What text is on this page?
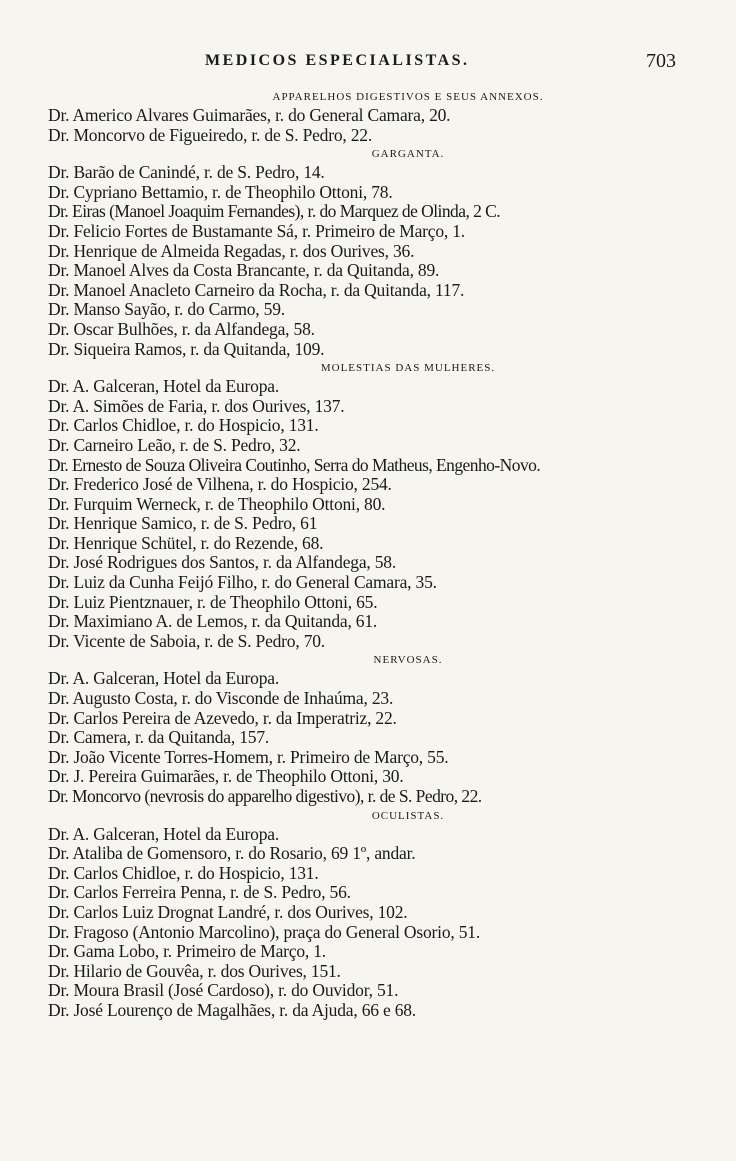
MEDICOS ESPECIALISTAS.	703
APPARELHOS DIGESTIVOS E SEUS ANNEXOS.
Dr. Americo Alvares Guimarães, r. do General Camara, 20.
Dr. Moncorvo de Figueiredo, r. de S. Pedro, 22.
GARGANTA.
Dr. Barão de Canindé, r. de S. Pedro, 14.
Dr. Cypriano Bettamio, r. de Theophilo Ottoni, 78.
Dr. Eiras (Manoel Joaquim Fernandes), r. do Marquez de Olinda, 2 C.
Dr. Felicio Fortes de Bustamante Sá, r. Primeiro de Março, 1.
Dr. Henrique de Almeida Regadas, r. dos Ourives, 36.
Dr. Manoel Alves da Costa Brancante, r. da Quitanda, 89.
Dr. Manoel Anacleto Carneiro da Rocha, r. da Quitanda, 117.
Dr. Manso Sayão, r. do Carmo, 59.
Dr. Oscar Bulhões, r. da Alfandega, 58.
Dr. Siqueira Ramos, r. da Quitanda, 109.
MOLESTIAS DAS MULHERES.
Dr. A. Galceran, Hotel da Europa.
Dr. A. Simões de Faria, r. dos Ourives, 137.
Dr. Carlos Chidloe, r. do Hospicio, 131.
Dr. Carneiro Leão, r. de S. Pedro, 32.
Dr. Ernesto de Souza Oliveira Coutinho, Serra do Matheus, Engenho-Novo.
Dr. Frederico José de Vilhena, r. do Hospicio, 254.
Dr. Furquim Werneck, r. de Theophilo Ottoni, 80.
Dr. Henrique Samico, r. de S. Pedro, 61
Dr. Henrique Schütel, r. do Rezende, 68.
Dr. José Rodrigues dos Santos, r. da Alfandega, 58.
Dr. Luiz da Cunha Feijó Filho, r. do General Camara, 35.
Dr. Luiz Pientznauer, r. de Theophilo Ottoni, 65.
Dr. Maximiano A. de Lemos, r. da Quitanda, 61.
Dr. Vicente de Saboia, r. de S. Pedro, 70.
NERVOSAS.
Dr. A. Galceran, Hotel da Europa.
Dr. Augusto Costa, r. do Visconde de Inhaúma, 23.
Dr. Carlos Pereira de Azevedo, r. da Imperatriz, 22.
Dr. Camera, r. da Quitanda, 157.
Dr. João Vicente Torres-Homem, r. Primeiro de Março, 55.
Dr. J. Pereira Guimarães, r. de Theophilo Ottoni, 30.
Dr. Moncorvo (nevrosis do apparelho digestivo), r. de S. Pedro, 22.
OCULISTAS.
Dr. A. Galceran, Hotel da Europa.
Dr. Ataliba de Gomensoro, r. do Rosario, 69 1º, andar.
Dr. Carlos Chidloe, r. do Hospicio, 131.
Dr. Carlos Ferreira Penna, r. de S. Pedro, 56.
Dr. Carlos Luiz Drognat Landré, r. dos Ourives, 102.
Dr. Fragoso (Antonio Marcolino), praça do General Osorio, 51.
Dr. Gama Lobo, r. Primeiro de Março, 1.
Dr. Hilario de Gouvêa, r. dos Ourives, 151.
Dr. Moura Brasil (José Cardoso), r. do Ouvidor, 51.
Dr. José Lourenço de Magalhães, r. da Ajuda, 66 e 68.
